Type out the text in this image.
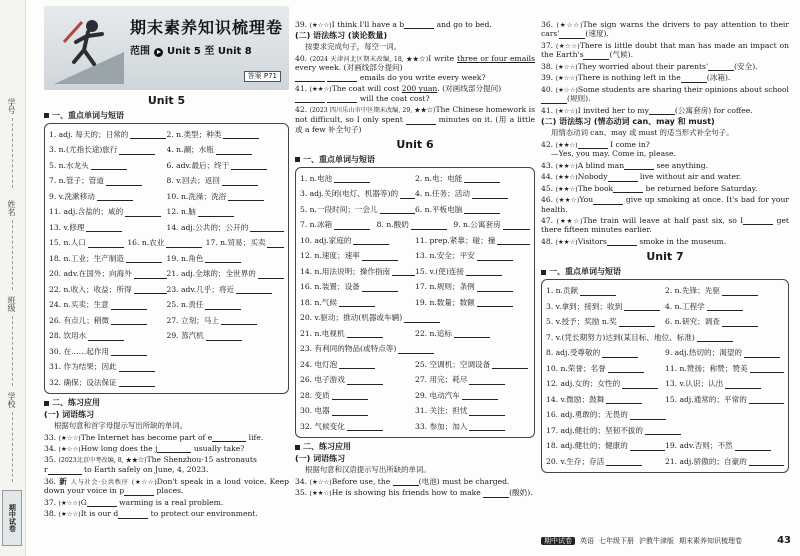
学号
姓名
班级
学校
期中试卷
期末素养知识梳理卷
范围 Unit 5 至 Unit 8
答案 P71
Unit 5
一、重点单词与短语
1. adj. 每天的；日常的	2. n.类型；种类
3. n.(尤指长途)旅行	4. n.涮；水瓶
5. n.水龙头	6. adv.最后；终于
7. n.管子；管道	8. v.回去；返回
9. v.洗漱移动	10. n.洗澡；洗浴
11. adj.含盐的；咸的	12. n.脑
13. v.修理	14. adj.公共的；公开的
15. n.人口	16. n.农业	17. n.贸易；买卖
18. n.工业；生产制造	19. n.角色
20. adv.在国外；向海外	21. adj.全球的；全世界的
22. n.收入；收益；所得	23. adv.几乎；将近
24. n.买卖；生意	25. n.责任
26. 有点儿；稍微	27. 立刻；马上
28. 饮用水	29. 蒸汽机
30. 在……起作用
31. 作为结果；因此
32. 确保；设法保证
二、练习应用
(一) 词语练习
根据句意和首字母提示写出所缺的单词。
33. (★☆☆)The Internet has become part of e	life.
34. (★☆☆)How long does the j	usually take?
35. (2023北京中考改编, 8, ★★☆)The Shenzhou-15 astronauts
r	to Earth safely on June, 4, 2023.
36. 新 人与社会·公共秩序 (★☆☆)Don't speak in a loud voice. Keep down your voice in p	places.
37. (★☆☆)G	warming is a real problem.
38. (★☆☆)It is our d	to protect our environment.
39. (★☆☆)I think I'll have a b	and go to bed.
(二) 语法练习 (谈论数量)
按要求完成句子，每空一词。
40. (2024 天津河北区期末改编, 18, ★★☆)I write three or four emails every week. (对画线部分提问)
emails do you write every week?
41. (★★☆)The coat will cost 200 yuan. (对画线部分提问)
will the coat cost?
42. (2023 四川乐山市中区期末改编, 29, ★★☆)The Chinese homework is not difficult, so I only spent	minutes on it. (用 a little 或 a few 补全句子)
Unit 6
一、重点单词与短语
1. n.电池	2. n.电；电能
3. adj.关闭(电灯、机器等)的	4. n.任务；活动
5. n.一段时间；一会儿	6. n.平板电脑
7. n.冰箱	8. n.酸奶	9. n.公寓套房
10. adj.家庭的	11. prep.紧靠；碰；撞
12. n.速度；速率	13. n.安全；平安
14. n.用法说明；操作指南	15. v.(使)连接
16. n.装置；设备	17. n.规则；条例
18. n.气候	19. n.数量；数额
20. v.驱动；推动(机器或车辆)
21. n.电视机	22. n.追标
23. 有利同的物品(或特点等)
24. 电灯泡	25. 空调机；空调设备
26. 电子游戏	27. 用完；耗尽
28. 变质	29. 电动汽车
30. 电器	31. 关注；担忧
32. 气候变化	33. 参加；加入
二、练习应用
(一) 词语练习
根据句意和汉语提示写出所缺的单词。
34. (★☆☆)Before use, the	(电池) must be charged.
35. (★★☆)He is showing his friends how to make	(酸奶).
36. (★☆☆)The sign warns the drivers to pay attention to their cars'	(速度).
37. (★☆☆)There is little doubt that man has made an impact on the Earth's	(气候).
38. (★☆☆)They worried about their parents'	(安全).
39. (★☆☆)There is nothing left in the	(冰箱).
40. (★☆☆)Some students are sharing their opinions about school(规则).
41. (★☆☆)I invited her to my	(公寓套房) for coffee.
(二) 语法练习 (情态动词 can、may 和 must)
用情态动词 can、may 或 must 的适当形式补全句子。
42. (★★☆)	I come in?
—Yes, you may. Come in, please.
43. (★★☆)A blind man	see anything.
44. (★★☆)Nobody	live without air and water.
45. (★★☆)The book	be returned before Saturday.
46. (★★☆)You	give up smoking at once. It's bad for your health.
47. (★★☆)The train will leave at half past six, so I	get there fifteen minutes earlier.
48. (★★☆)Visitors	smoke in the museum.
Unit 7
一、重点单词与短语
1. n.贡献	2. n.先锋；先驱
3. v.拿到；接到；收到	4. n.工程学
5. v.授予；奖励 n.奖	6. n.研究；调查
7. v.(凭长期努力)达到(某目标、地位、标准)
8. adj.受尊敬的	9. adj.热切的；渴望的
10. n.荣誉；名誉	11. n.赞扬；称赞；赞美
12. adj.女的；女性的	13. v.认识；认出
14. v.微励；鼓舞	15. adj.通常的；平常的
16. adj.勇敢的；无畏的
17. adj.健壮的；坚韧不拔的
18. adj.健壮的；健康的	19. adv.否则；不然
20. v.生存；存活	21. adj.骄傲的；自豪的
期中试卷	英语 七年级下册 沪教牛津版 期末素养知识梳理卷	43
